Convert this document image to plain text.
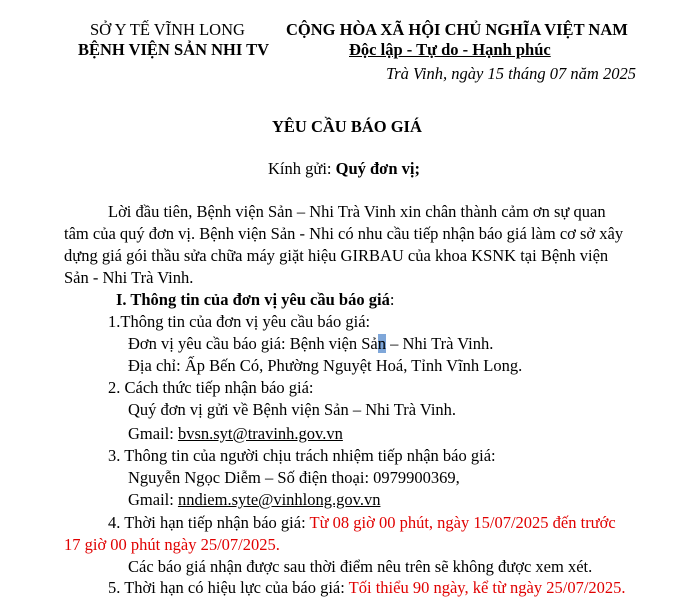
SỞ Y TẾ VĨNH LONG
BỆNH VIỆN SẢN NHI TV
CỘNG HÒA XÃ HỘI CHỦ NGHĨA VIỆT NAM
Độc lập - Tự do - Hạnh phúc
Trà Vinh, ngày 15 tháng 07 năm 2025
YÊU CẦU BÁO GIÁ
Kính gửi: Quý đơn vị;
Lời đầu tiên, Bệnh viện Sản – Nhi Trà Vinh xin chân thành cảm ơn sự quan
tâm của quý đơn vị. Bệnh viện Sản - Nhi có nhu cầu tiếp nhận báo giá làm cơ sở xây
dựng giá gói thầu sửa chữa máy giặt hiệu GIRBAU của khoa KSNK tại Bệnh viện
Sản - Nhi Trà Vinh.
I. Thông tin của đơn vị yêu cầu báo giá:
1.Thông tin của đơn vị yêu cầu báo giá:
Đơn vị yêu cầu báo giá: Bệnh viện Sản – Nhi Trà Vinh.
Địa chỉ: Ấp Bến Có, Phường Nguyệt Hoá, Tỉnh Vĩnh Long.
2. Cách thức tiếp nhận báo giá:
Quý đơn vị gửi về Bệnh viện Sản – Nhi Trà Vinh.
Gmail: bvsn.syt@travinh.gov.vn
3. Thông tin của người chịu trách nhiệm tiếp nhận báo giá:
Nguyễn Ngọc Diễm – Số điện thoại: 0979900369,
Gmail: nndiem.syte@vinhlong.gov.vn
4. Thời hạn tiếp nhận báo giá: Từ 08 giờ 00 phút, ngày 15/07/2025 đến trước
17 giờ 00 phút ngày 25/07/2025.
Các báo giá nhận được sau thời điểm nêu trên sẽ không được xem xét.
5. Thời hạn có hiệu lực của báo giá: Tối thiểu 90 ngày, kể từ ngày 25/07/2025.
